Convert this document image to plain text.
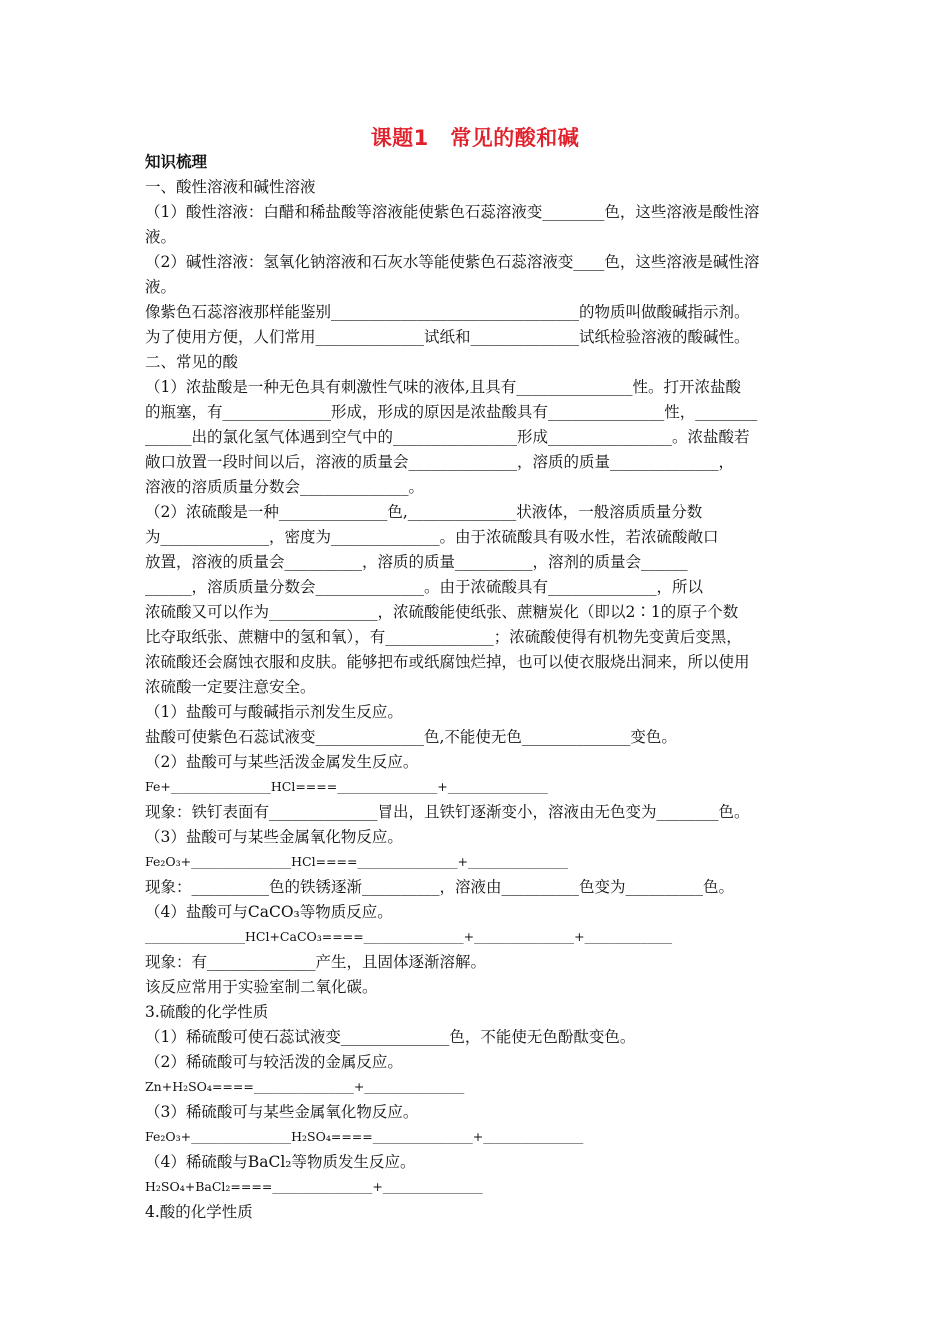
课题1　常见的酸和碱
知识梳理
一、酸性溶液和碱性溶液
（1）酸性溶液：白醋和稀盐酸等溶液能使紫色石蕊溶液变________色，这些溶液是酸性溶
液。
（2）碱性溶液：氢氧化钠溶液和石灰水等能使紫色石蕊溶液变____色，这些溶液是碱性溶
液。
像紫色石蕊溶液那样能鉴别________________________________的物质叫做酸碱指示剂。
为了使用方便，人们常用______________试纸和______________试纸检验溶液的酸碱性。
二、常见的酸
（1）浓盐酸是一种无色具有刺激性气味的液体,且具有_______________性。打开浓盐酸
的瓶塞，有______________形成，形成的原因是浓盐酸具有_______________性，________
______出的氯化氢气体遇到空气中的________________形成________________。浓盐酸若
敞口放置一段时间以后，溶液的质量会______________，溶质的质量______________，
溶液的溶质质量分数会______________。
（2）浓硫酸是一种______________色,______________状液体，一般溶质质量分数
为______________，密度为______________。由于浓硫酸具有吸水性，若浓硫酸敞口
放置，溶液的质量会__________，溶质的质量__________，溶剂的质量会______
______，溶质质量分数会______________。由于浓硫酸具有______________，所以
浓硫酸又可以作为______________，浓硫酸能使纸张、蔗糖炭化（即以2∶1的原子个数
比夺取纸张、蔗糖中的氢和氧），有______________；浓硫酸使得有机物先变黄后变黑，
浓硫酸还会腐蚀衣服和皮肤。能够把布或纸腐蚀烂掉，也可以使衣服烧出洞来，所以使用
浓硫酸一定要注意安全。
（1）盐酸可与酸碱指示剂发生反应。
盐酸可使紫色石蕊试液变______________色,不能使无色______________变色。
（2）盐酸可与某些活泼金属发生反应。
Fe+________________HCl====________________+________________
现象：铁钉表面有______________冒出，且铁钉逐渐变小，溶液由无色变为________色。
（3）盐酸可与某些金属氧化物反应。
Fe₂O₃+________________HCl====________________+________________
现象：__________色的铁锈逐渐__________，溶液由__________色变为__________色。
（4）盐酸可与CaCO₃等物质反应。
________________HCl+CaCO₃====________________+________________+______________
现象：有______________产生，且固体逐渐溶解。
该反应常用于实验室制二氧化碳。
3.硫酸的化学性质
（1）稀硫酸可使石蕊试液变______________色，不能使无色酚酞变色。
（2）稀硫酸可与较活泼的金属反应。
Zn+H₂SO₄====________________+________________
（3）稀硫酸可与某些金属氧化物反应。
Fe₂O₃+________________H₂SO₄====________________+________________
（4）稀硫酸与BaCl₂等物质发生反应。
H₂SO₄+BaCl₂====________________+________________
4.酸的化学性质
